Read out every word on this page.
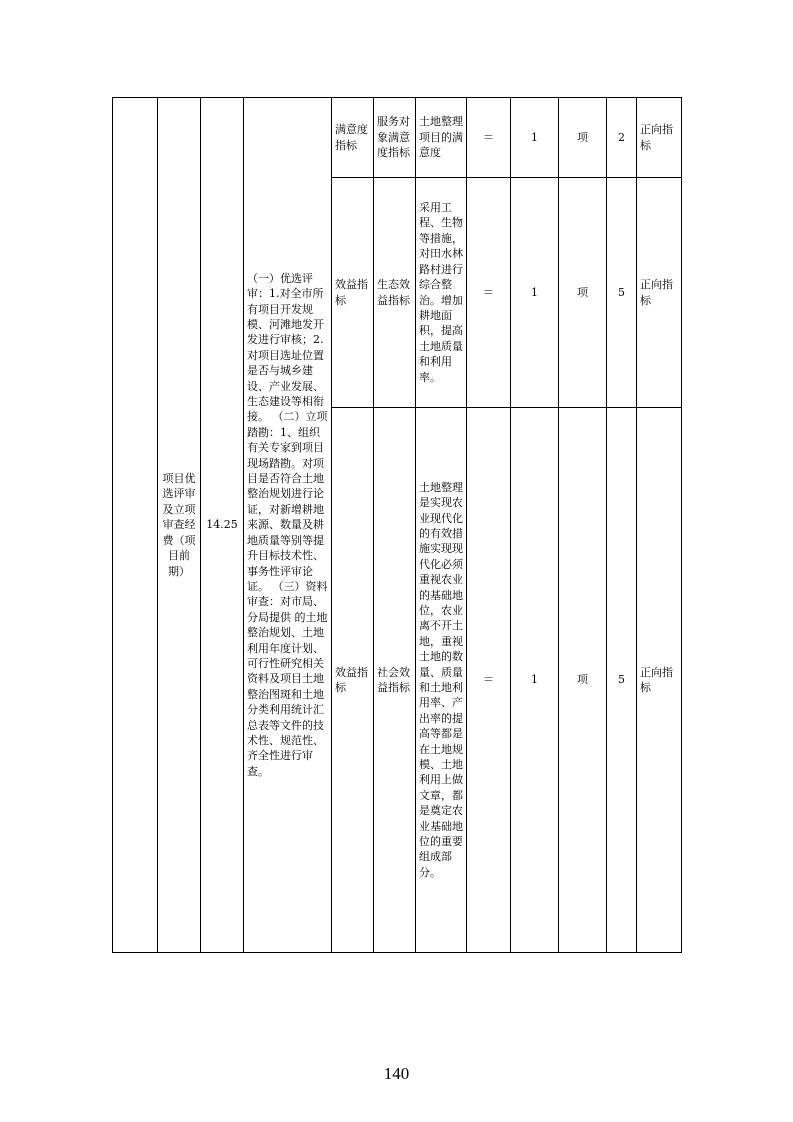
	项目优选评审及立项审查经费（项目前期）	14.25	（一）优选评审：1.对全市所有项目开发规模、河滩地发开发进行审核；2.对项目选址位置是否与城乡建设、产业发展、生态建设等相衔接。 （二）立项踏勘：1、组织有关专家到项目现场踏勘。对项目是否符合土地整治规划进行论证，对新增耕地来源、数量及耕地质量等别等提升目标技术性、事务性评审论证。 （三）资料审查：对市局、分局提供 的土地整治规划、土地利用年度计划、可行性研究相关资料及项目土地整治图斑和土地分类利用统计汇总表等文件的技术性、规范性、齐全性进行审查。	满意度指标	服务对象满意度指标	土地整理项目的满意度	＝	1	项	2	正向指标
				效益指标	生态效益指标	采用工程、生物等措施，对田水林路村进行综合整治。增加耕地面积，提高土地质量和利用率。	＝	1	项	5	正向指标
				效益指标	社会效益指标	土地整理是实现农业现代化的有效措施实现现代化必须重视农业的基础地位，农业离不开土地，重视土地的数量、质量和土地利用率、产出率的提高等都是在土地规模、土地利用上做文章，都是奠定农业基础地位的重要组成部分。	＝	1	项	5	正向指标
140
